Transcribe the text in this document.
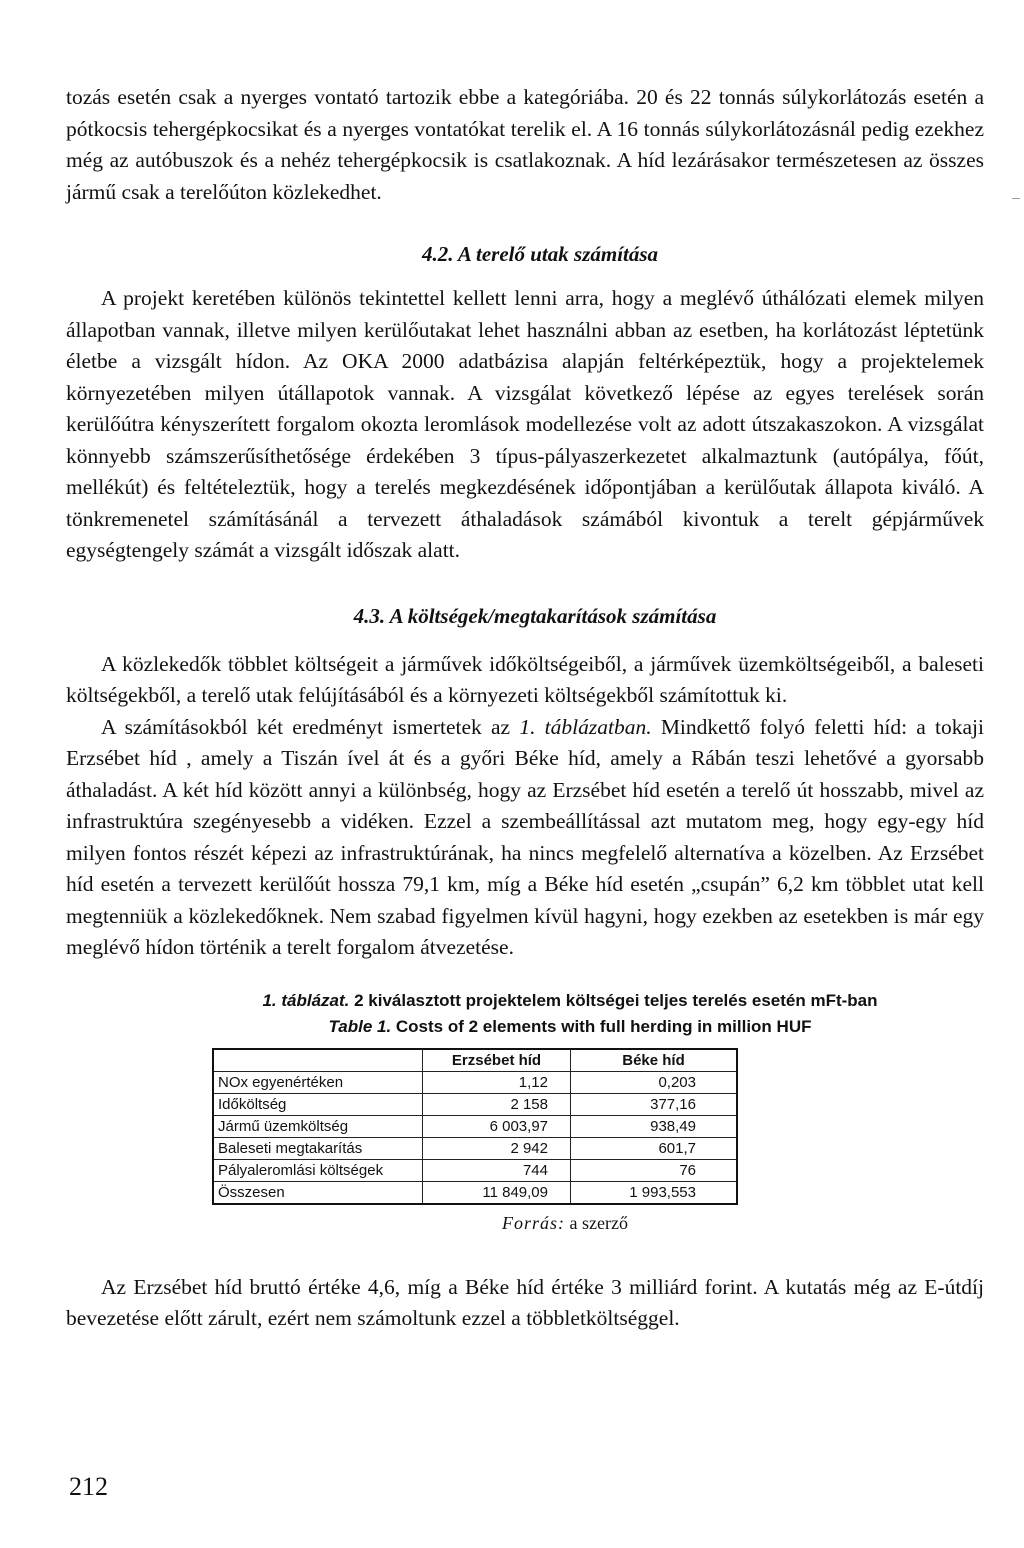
tozás esetén csak a nyerges vontató tartozik ebbe a kategóriába. 20 és 22 tonnás súlykorlátozás esetén a pótkocsis tehergépkocsikat és a nyerges vontatókat terelik el. A 16 tonnás súlykorlátozásnál pedig ezekhez még az autóbuszok és a nehéz tehergépkocsik is csatlakoznak. A híd lezárásakor természetesen az összes jármű csak a terelőúton közlekedhet.

4.2. A terelő utak számítása

A projekt keretében különös tekintettel kellett lenni arra, hogy a meglévő úthálózati elemek milyen állapotban vannak, illetve milyen kerülőutakat lehet használni abban az esetben, ha korlátozást léptetünk életbe a vizsgált hídon. Az OKA 2000 adatbázisa alapján feltérképeztük, hogy a projektelemek környezetében milyen útállapotok vannak. A vizsgálat következő lépése az egyes terelések során kerülőútra kényszerített forgalom okozta leromlások modellezése volt az adott útszakaszokon. A vizsgálat könnyebb számszerűsíthetősége érdekében 3 típus-pályaszerkezetet alkalmaztunk (autópálya, főút, mellékút) és feltételeztük, hogy a terelés megkezdésének időpontjában a kerülőutak állapota kiváló. A tönkremenetel számításánál a tervezett áthaladások számából kivontuk a terelt gépjárművek egységtengely számát a vizsgált időszak alatt.

4.3. A költségek/megtakarítások számítása

A közlekedők többlet költségeit a járművek időköltségeiből, a járművek üzemköltségeiből, a baleseti költségekből, a terelő utak felújításából és a környezeti költségekből számítottuk ki.

A számításokból két eredményt ismertetek az 1. táblázatban. Mindkettő folyó feletti híd: a tokaji Erzsébet híd , amely a Tiszán ível át és a győri Béke híd, amely a Rábán teszi lehetővé a gyorsabb áthaladást. A két híd között annyi a különbség, hogy az Erzsébet híd esetén a terelő út hosszabb, mivel az infrastruktúra szegényesebb a vidéken. Ezzel a szembeállítással azt mutatom meg, hogy egy-egy híd milyen fontos részét képezi az infrastruktúrának, ha nincs megfelelő alternatíva a közelben. Az Erzsébet híd esetén a tervezett kerülőút hossza 79,1 km, míg a Béke híd esetén „csupán” 6,2 km többlet utat kell megtenniük a közlekedőknek. Nem szabad figyelmen kívül hagyni, hogy ezekben az esetekben is már egy meglévő hídon történik a terelt forgalom átvezetése.

1. táblázat. 2 kiválasztott projektelem költségei teljes terelés esetén mFt-ban
Table 1. Costs of 2 elements with full herding in million HUF
	Erzsébet híd	Béke híd
NOx egyenértéken	1,12	0,203
Időköltség	2 158	377,16
Jármű üzemköltség	6 003,97	938,49
Baleseti megtakarítás	2 942	601,7
Pályaleromlási költségek	744	76
Összesen	11 849,09	1 993,553
Forrás: a szerző

Az Erzsébet híd bruttó értéke 4,6, míg a Béke híd értéke 3 milliárd forint. A kutatás még az E-útdíj bevezetése előtt zárult, ezért nem számoltunk ezzel a többletköltséggel.

212
